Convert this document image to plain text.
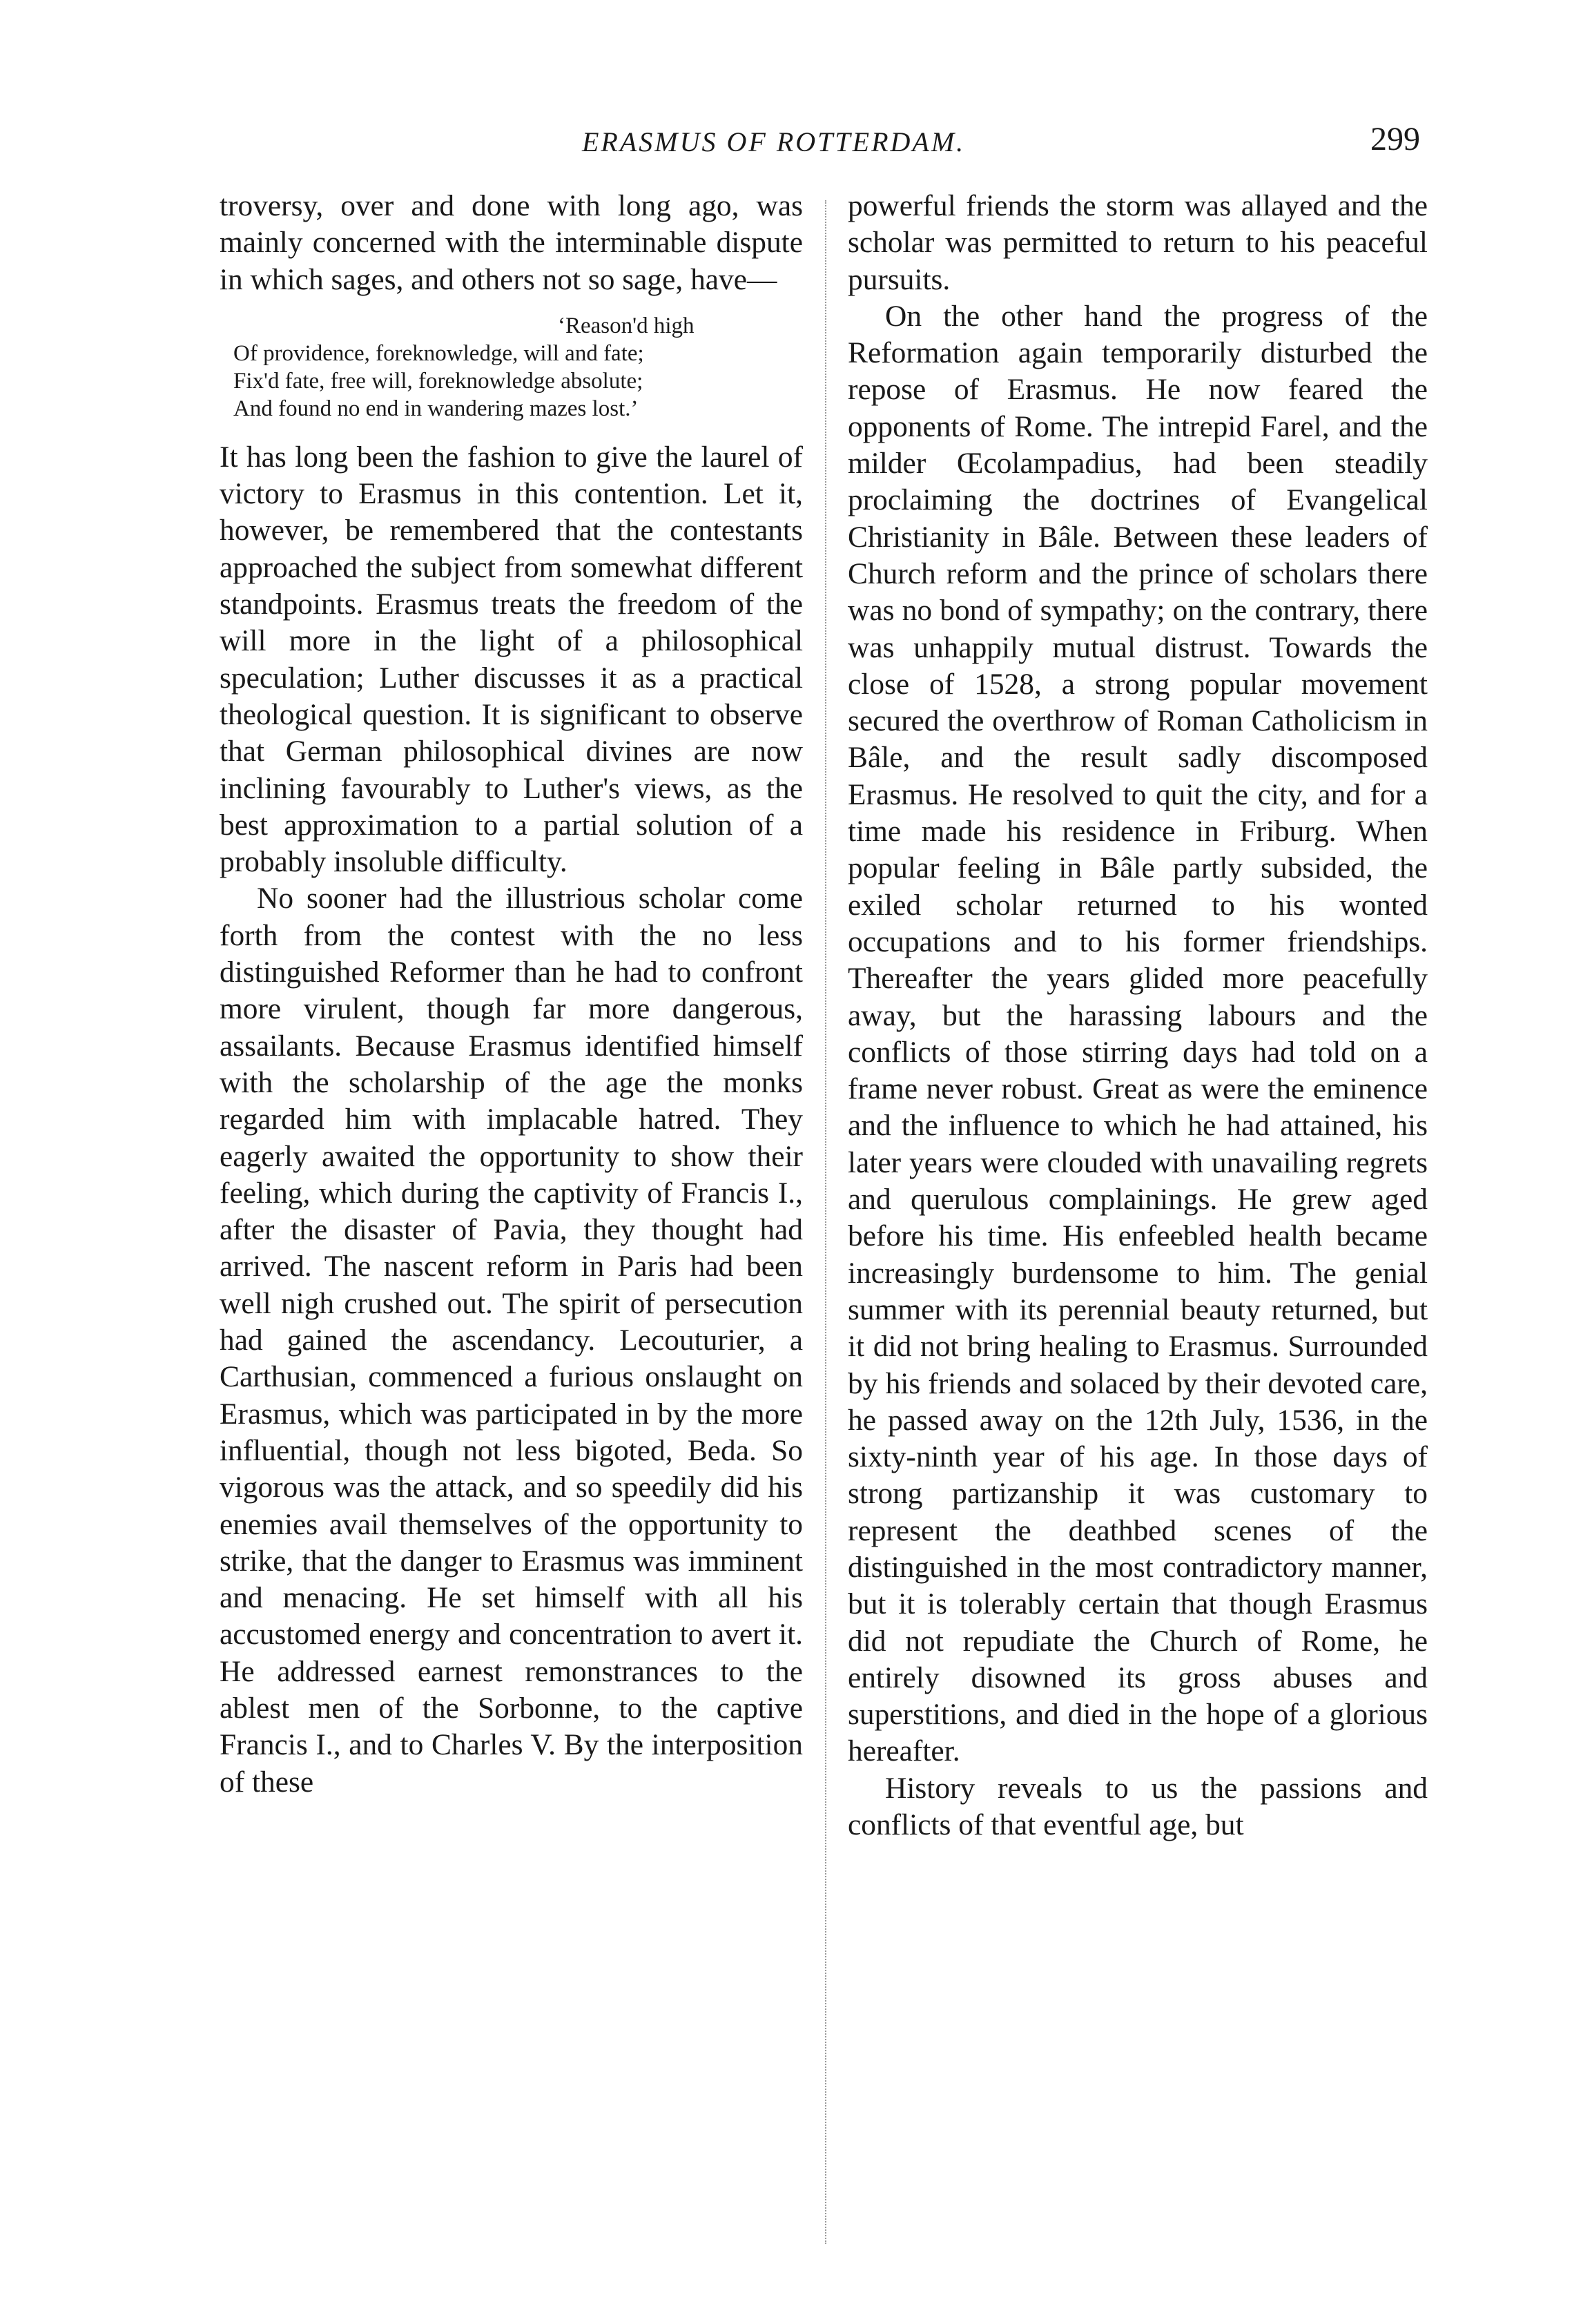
ERASMUS OF ROTTERDAM.	299

troversy, over and done with long ago, was mainly concerned with the interminable dispute in which sages, and others not so sage, have—

‘Reason'd high
Of providence, foreknowledge, will and fate;
Fix'd fate, free will, foreknowledge absolute;
And found no end in wandering mazes lost.’

It has long been the fashion to give the laurel of victory to Erasmus in this contention. Let it, however, be remembered that the contestants approached the subject from somewhat different standpoints. Erasmus treats the freedom of the will more in the light of a philosophical speculation; Luther discusses it as a practical theological question. It is significant to observe that German philosophical divines are now inclining favourably to Luther's views, as the best approximation to a partial solution of a probably insoluble difficulty.

No sooner had the illustrious scholar come forth from the contest with the no less distinguished Reformer than he had to confront more virulent, though far more dangerous, assailants. Because Erasmus identified himself with the scholarship of the age the monks regarded him with implacable hatred. They eagerly awaited the opportunity to show their feeling, which during the captivity of Francis I., after the disaster of Pavia, they thought had arrived. The nascent reform in Paris had been well nigh crushed out. The spirit of persecution had gained the ascendancy. Lecouturier, a Carthusian, commenced a furious onslaught on Erasmus, which was participated in by the more influential, though not less bigoted, Beda. So vigorous was the attack, and so speedily did his enemies avail themselves of the opportunity to strike, that the danger to Erasmus was imminent and menacing. He set himself with all his accustomed energy and concentration to avert it. He addressed earnest remonstrances to the ablest men of the Sorbonne, to the captive Francis I., and to Charles V. By the interposition of these

powerful friends the storm was allayed and the scholar was permitted to return to his peaceful pursuits.

On the other hand the progress of the Reformation again temporarily disturbed the repose of Erasmus. He now feared the opponents of Rome. The intrepid Farel, and the milder Œcolampadius, had been steadily proclaiming the doctrines of Evangelical Christianity in Bâle. Between these leaders of Church reform and the prince of scholars there was no bond of sympathy; on the contrary, there was unhappily mutual distrust. Towards the close of 1528, a strong popular movement secured the overthrow of Roman Catholicism in Bâle, and the result sadly discomposed Erasmus. He resolved to quit the city, and for a time made his residence in Friburg. When popular feeling in Bâle partly subsided, the exiled scholar returned to his wonted occupations and to his former friendships. Thereafter the years glided more peacefully away, but the harassing labours and the conflicts of those stirring days had told on a frame never robust. Great as were the eminence and the influence to which he had attained, his later years were clouded with unavailing regrets and querulous complainings. He grew aged before his time. His enfeebled health became increasingly burdensome to him. The genial summer with its perennial beauty returned, but it did not bring healing to Erasmus. Surrounded by his friends and solaced by their devoted care, he passed away on the 12th July, 1536, in the sixty-ninth year of his age. In those days of strong partizanship it was customary to represent the deathbed scenes of the distinguished in the most contradictory manner, but it is tolerably certain that though Erasmus did not repudiate the Church of Rome, he entirely disowned its gross abuses and superstitions, and died in the hope of a glorious hereafter.

History reveals to us the passions and conflicts of that eventful age, but
